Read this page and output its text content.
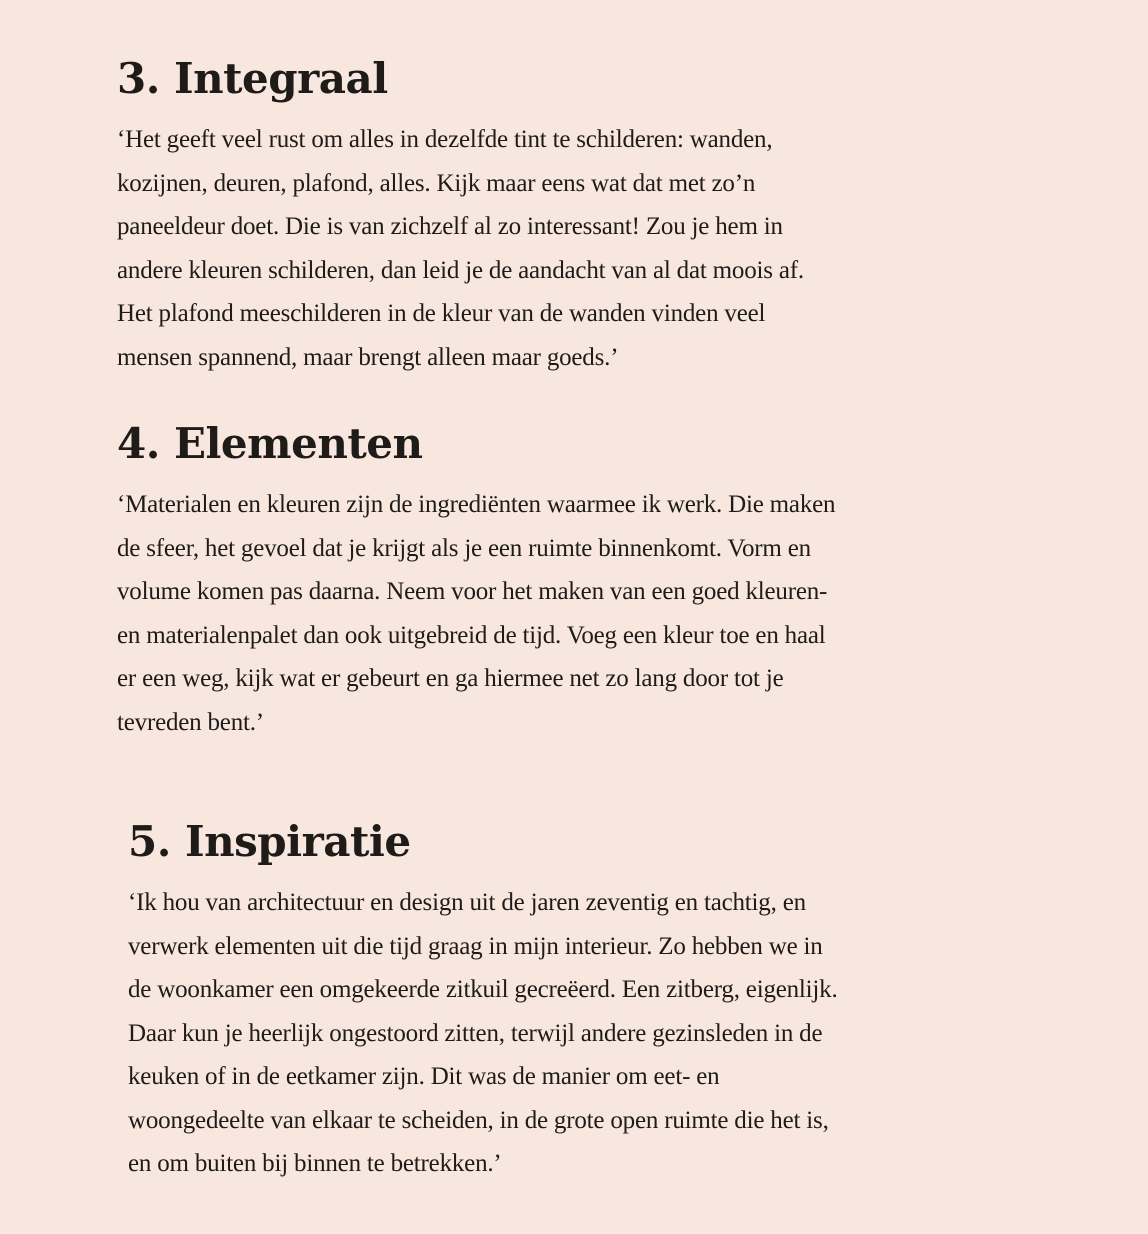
3. Integraal

‘Het geeft veel rust om alles in dezelfde tint te schilderen: wanden,
kozijnen, deuren, plafond, alles. Kijk maar eens wat dat met zo’n
paneeldeur doet. Die is van zichzelf al zo interessant! Zou je hem in
andere kleuren schilderen, dan leid je de aandacht van al dat moois af.
Het plafond meeschilderen in de kleur van de wanden vinden veel
mensen spannend, maar brengt alleen maar goeds.’

4. Elementen

‘Materialen en kleuren zijn de ingrediënten waarmee ik werk. Die maken
de sfeer, het gevoel dat je krijgt als je een ruimte binnenkomt. Vorm en
volume komen pas daarna. Neem voor het maken van een goed kleuren-
en materialenpalet dan ook uitgebreid de tijd. Voeg een kleur toe en haal
er een weg, kijk wat er gebeurt en ga hiermee net zo lang door tot je
tevreden bent.’

5. Inspiratie

‘Ik hou van architectuur en design uit de jaren zeventig en tachtig, en
verwerk elementen uit die tijd graag in mijn interieur. Zo hebben we in
de woonkamer een omgekeerde zitkuil gecreëerd. Een zitberg, eigenlijk.
Daar kun je heerlijk ongestoord zitten, terwijl andere gezinsleden in de
keuken of in de eetkamer zijn. Dit was de manier om eet- en
woongedeelte van elkaar te scheiden, in de grote open ruimte die het is,
en om buiten bij binnen te betrekken.’
